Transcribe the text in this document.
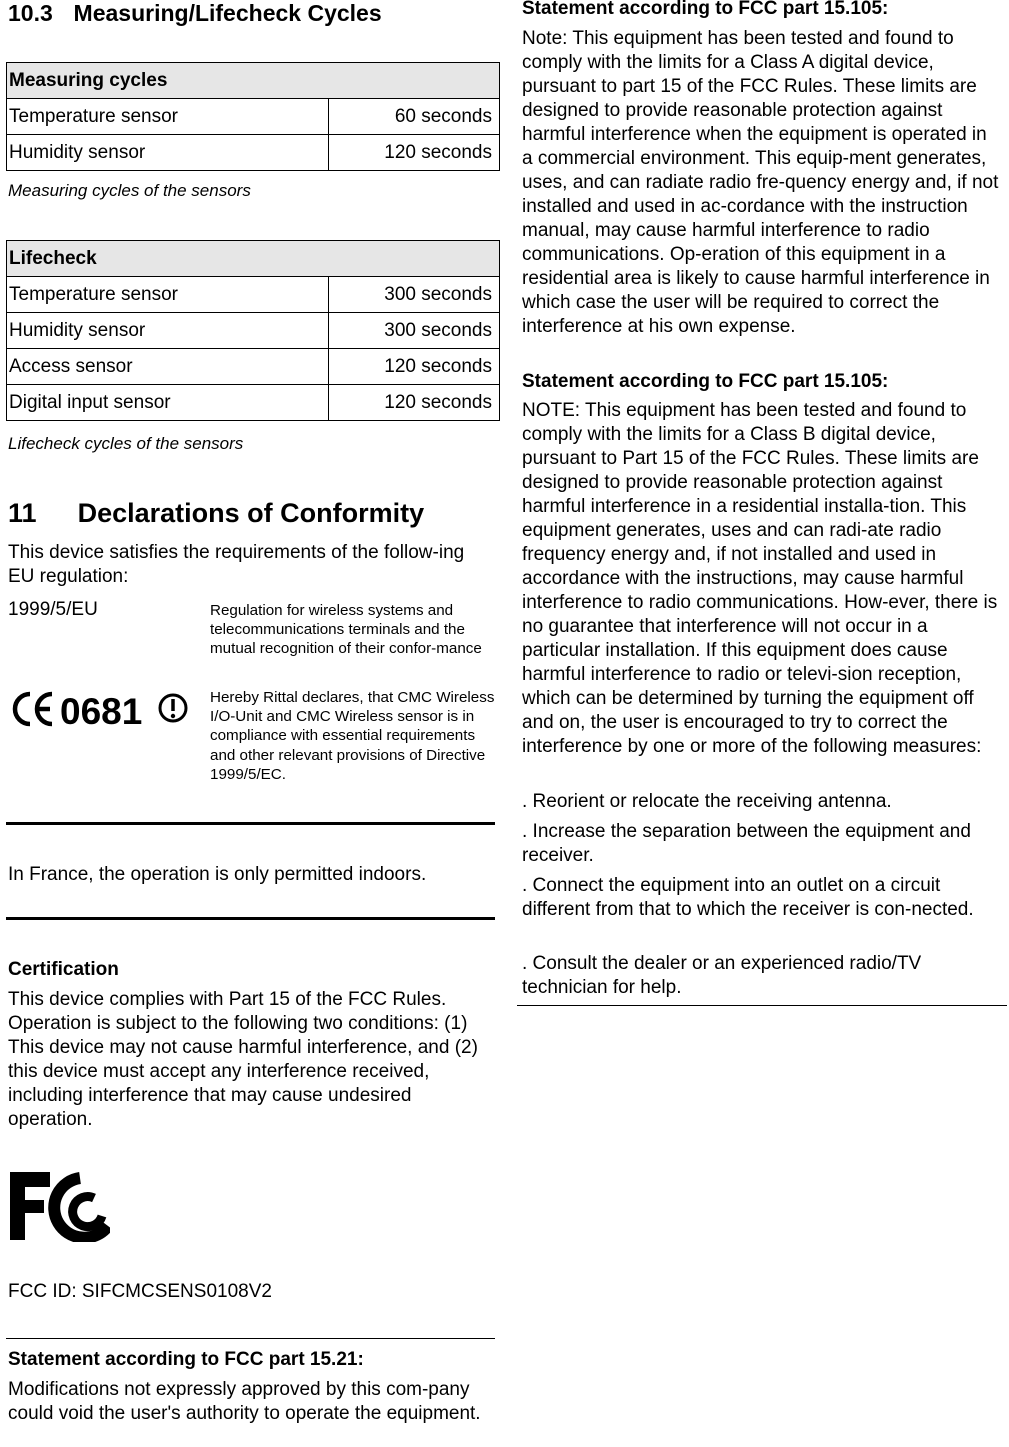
10.3 Measuring/Lifecheck Cycles
Measuring cycles	
Temperature sensor	60 seconds
Humidity sensor	120 seconds
Measuring cycles of the sensors
Lifecheck	
Temperature sensor	300 seconds
Humidity sensor	300 seconds
Access sensor	120 seconds
Digital input sensor	120 seconds
Lifecheck cycles of the sensors
11 Declarations of Conformity
This device satisfies the requirements of the follow-ing EU regulation:
1999/5/EU	Regulation for wireless systems and telecommunications terminals and the mutual recognition of their confor-mance
0681	Hereby Rittal declares, that CMC Wireless I/O-Unit and CMC Wireless sensor is in compliance with essential requirements and other relevant provisions of Directive 1999/5/EC.
In France, the operation is only permitted indoors.
Certification
This device complies with Part 15 of the FCC Rules. Operation is subject to the following two conditions: (1) This device may not cause harmful interference, and (2) this device must accept any interference received, including interference that may cause undesired operation.
FCC ID: SIFCMCSENS0108V2
Statement according to FCC part 15.21:
Modifications not expressly approved by this com-pany could void the user's authority to operate the equipment.
Statement according to FCC part 15.105:
Note: This equipment has been tested and found to comply with the limits for a Class A digital device, pursuant to part 15 of the FCC Rules. These limits are designed to provide reasonable protection against harmful interference when the equipment is operated in a commercial environment. This equip-ment generates, uses, and can radiate radio fre-quency energy and, if not installed and used in ac-cordance with the instruction manual, may cause harmful interference to radio communications. Op-eration of this equipment in a residential area is likely to cause harmful interference in which case the user will be required to correct the interference at his own expense.
Statement according to FCC part 15.105:
NOTE: This equipment has been tested and found to comply with the limits for a Class B digital device, pursuant to Part 15 of the FCC Rules. These limits are designed to provide reasonable protection against harmful interference in a residential installa-tion. This equipment generates, uses and can radi-ate radio frequency energy and, if not installed and used in accordance with the instructions, may cause harmful interference to radio communications. How-ever, there is no guarantee that interference will not occur in a particular installation. If this equipment does cause harmful interference to radio or televi-sion reception, which can be determined by turning the equipment off and on, the user is encouraged to try to correct the interference by one or more of the following measures:
. Reorient or relocate the receiving antenna.
. Increase the separation between the equipment and receiver.
. Connect the equipment into an outlet on a circuit different from that to which the receiver is con-nected.
. Consult the dealer or an experienced radio/TV technician for help.
